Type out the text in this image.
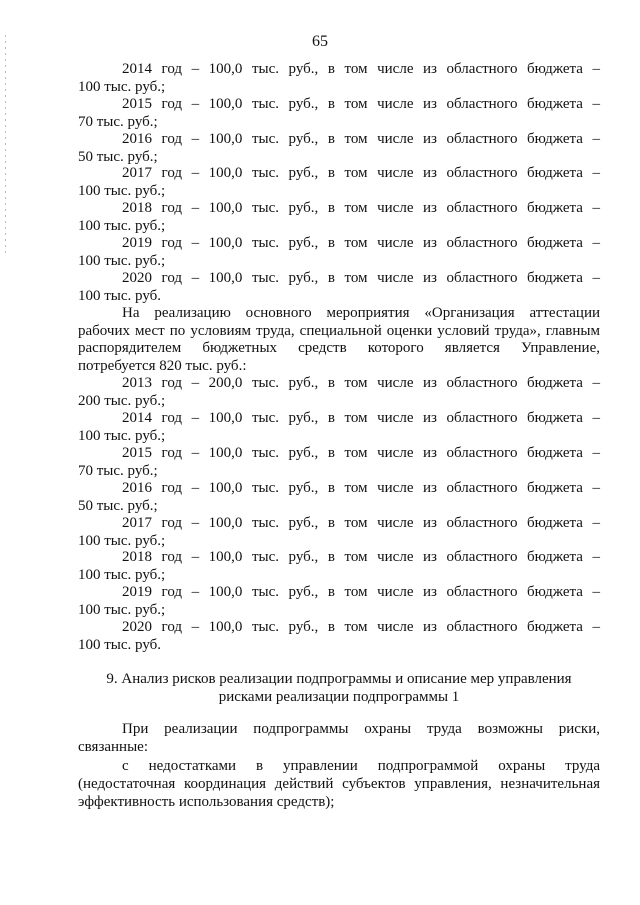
65
2014 год – 100,0 тыс. руб., в том числе из областного бюджета –
100 тыс. руб.;
2015 год – 100,0 тыс. руб., в том числе из областного бюджета –
70 тыс. руб.;
2016 год – 100,0 тыс. руб., в том числе из областного бюджета –
50 тыс. руб.;
2017 год – 100,0 тыс. руб., в том числе из областного бюджета –
100 тыс. руб.;
2018 год – 100,0 тыс. руб., в том числе из областного бюджета –
100 тыс. руб.;
2019 год – 100,0 тыс. руб., в том числе из областного бюджета –
100 тыс. руб.;
2020 год – 100,0 тыс. руб., в том числе из областного бюджета –
100 тыс. руб.
На реализацию основного мероприятия «Организация аттестации
рабочих мест по условиям труда, специальной оценки условий труда», главным
распорядителем бюджетных средств которого является Управление,
потребуется 820 тыс. руб.:
2013 год – 200,0 тыс. руб., в том числе из областного бюджета –
200 тыс. руб.;
2014 год – 100,0 тыс. руб., в том числе из областного бюджета –
100 тыс. руб.;
2015 год – 100,0 тыс. руб., в том числе из областного бюджета –
70 тыс. руб.;
2016 год – 100,0 тыс. руб., в том числе из областного бюджета –
50 тыс. руб.;
2017 год – 100,0 тыс. руб., в том числе из областного бюджета –
100 тыс. руб.;
2018 год – 100,0 тыс. руб., в том числе из областного бюджета –
100 тыс. руб.;
2019 год – 100,0 тыс. руб., в том числе из областного бюджета –
100 тыс. руб.;
2020 год – 100,0 тыс. руб., в том числе из областного бюджета –
100 тыс. руб.
9. Анализ рисков реализации подпрограммы и описание мер управления
рисками реализации подпрограммы 1
При реализации подпрограммы охраны труда возможны риски,
связанные:
с недостатками в управлении подпрограммой охраны труда
(недостаточная координация действий субъектов управления, незначительная
эффективность использования средств);
